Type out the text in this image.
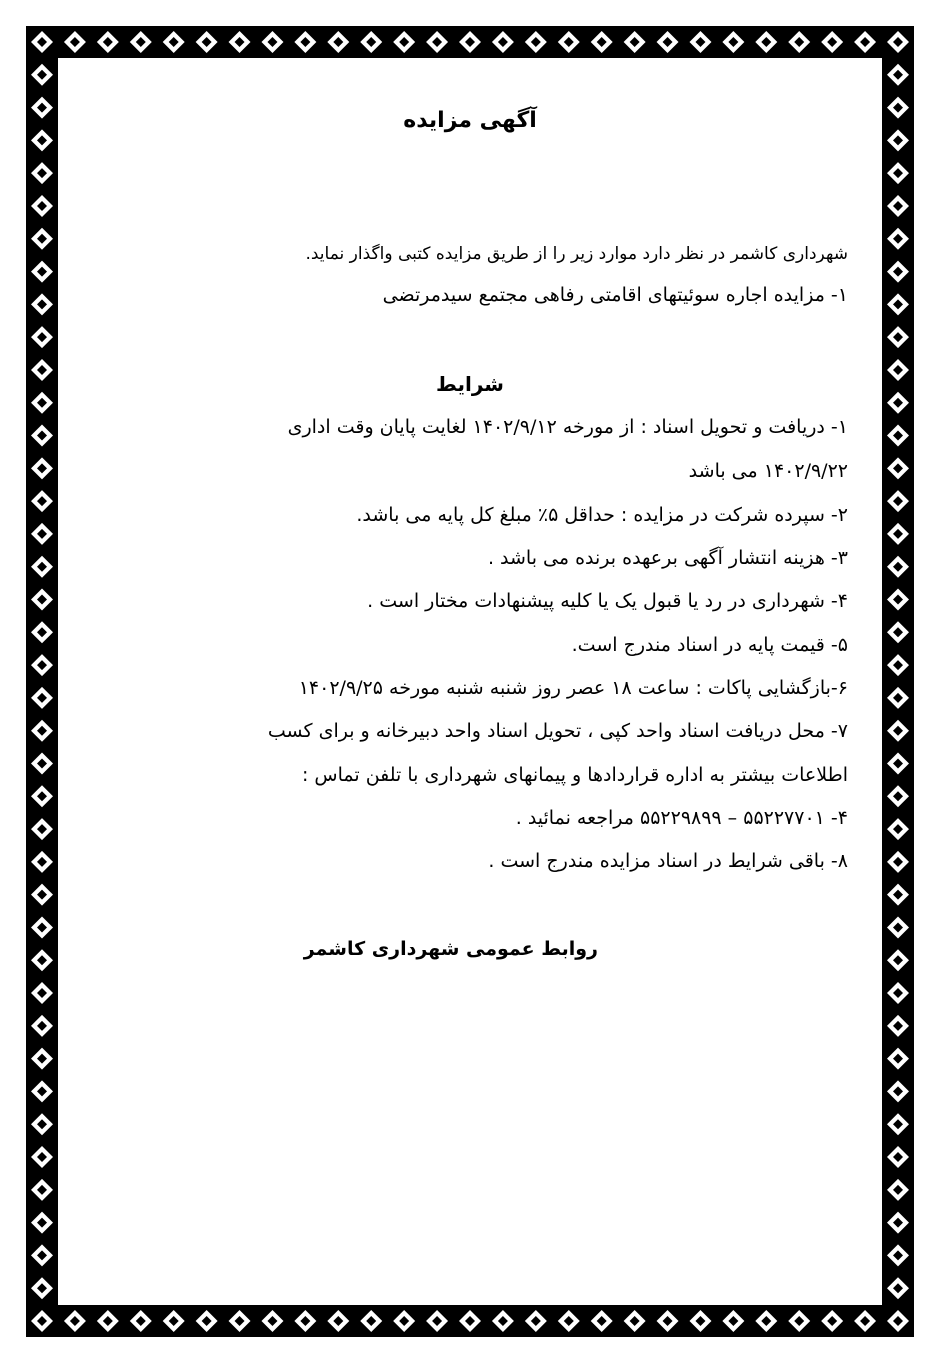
آگهی مزایده
شهرداری کاشمر در نظر دارد موارد زیر را از طریق مزایده کتبی واگذار نماید.
۱- مزایده اجاره سوئیتهای اقامتی رفاهی مجتمع سیدمرتضی
شرایط
۱- دریافت و تحویل اسناد : از مورخه ۱۴۰۲/۹/۱۲ لغایت پایان وقت اداری
۱۴۰۲/۹/۲۲ می باشد
۲- سپرده شرکت در مزایده : حداقل ۵٪ مبلغ کل پایه می باشد.
۳- هزینه انتشار آگهی برعهده برنده می باشد .
۴- شهرداری در رد یا قبول یک یا کلیه پیشنهادات مختار است .
۵- قیمت پایه در اسناد مندرج است.
۶-بازگشایی پاکات : ساعت ۱۸ عصر روز شنبه شنبه مورخه ۱۴۰۲/۹/۲۵
۷- محل دریافت اسناد واحد کپی ، تحویل اسناد واحد دبیرخانه و برای کسب
اطلاعات بیشتر به اداره قراردادها و پیمانهای شهرداری با تلفن تماس :
۴- ۵۵۲۲۷۷۰۱ – ۵۵۲۲۹۸۹۹ مراجعه نمائید .
۸- باقی شرایط در اسناد مزایده مندرج است .
روابط عمومی شهرداری کاشمر
